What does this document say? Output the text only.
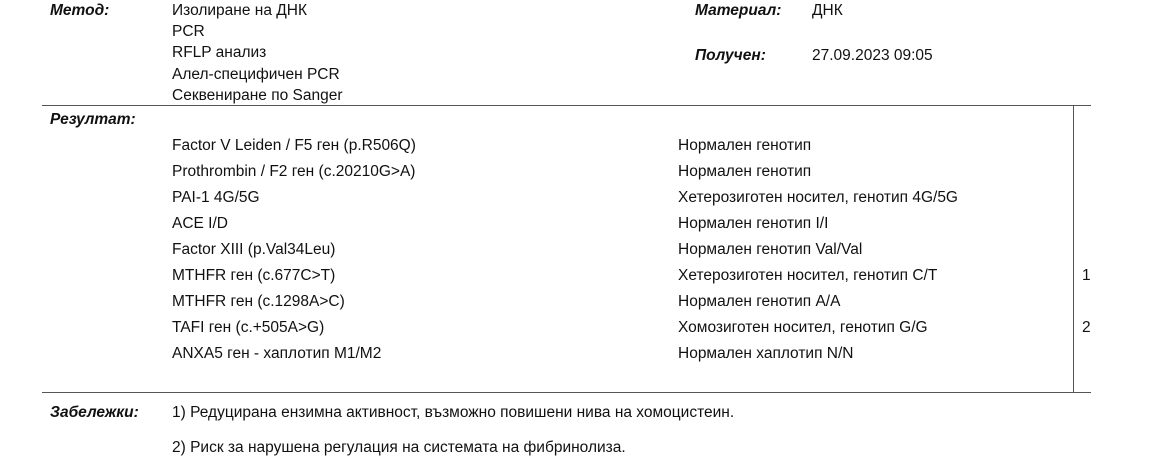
Метод:	Изолиране на ДНК
PCR
RFLP анализ
Алел-специфичен PCR
Секвениране по Sanger
Материал: ДНК
Получен:	27.09.2023 09:05
Резултат:
Factor V Leiden / F5 ген (p.R506Q)	Нормален генотип
Prothrombin / F2 ген (c.20210G>A)	Нормален генотип
PAI-1 4G/5G	Хетерозиготен носител, генотип 4G/5G
ACE I/D	Нормален генотип I/I
Factor XIII (p.Val34Leu)	Нормален генотип Val/Val
MTHFR ген (c.677C>T)	Хетерозиготен носител, генотип C/T	1
MTHFR ген (c.1298A>C)	Нормален генотип A/A
TAFI ген (c.+505A>G)	Хомозиготен носител, генотип G/G	2
ANXA5 ген - хаплотип M1/M2	Нормален хаплотип N/N
Забележки: 1) Редуцирана ензимна активност, възможно повишени нива на хомоцистеин.
2) Риск за нарушена регулация на системата на фибринолиза.
